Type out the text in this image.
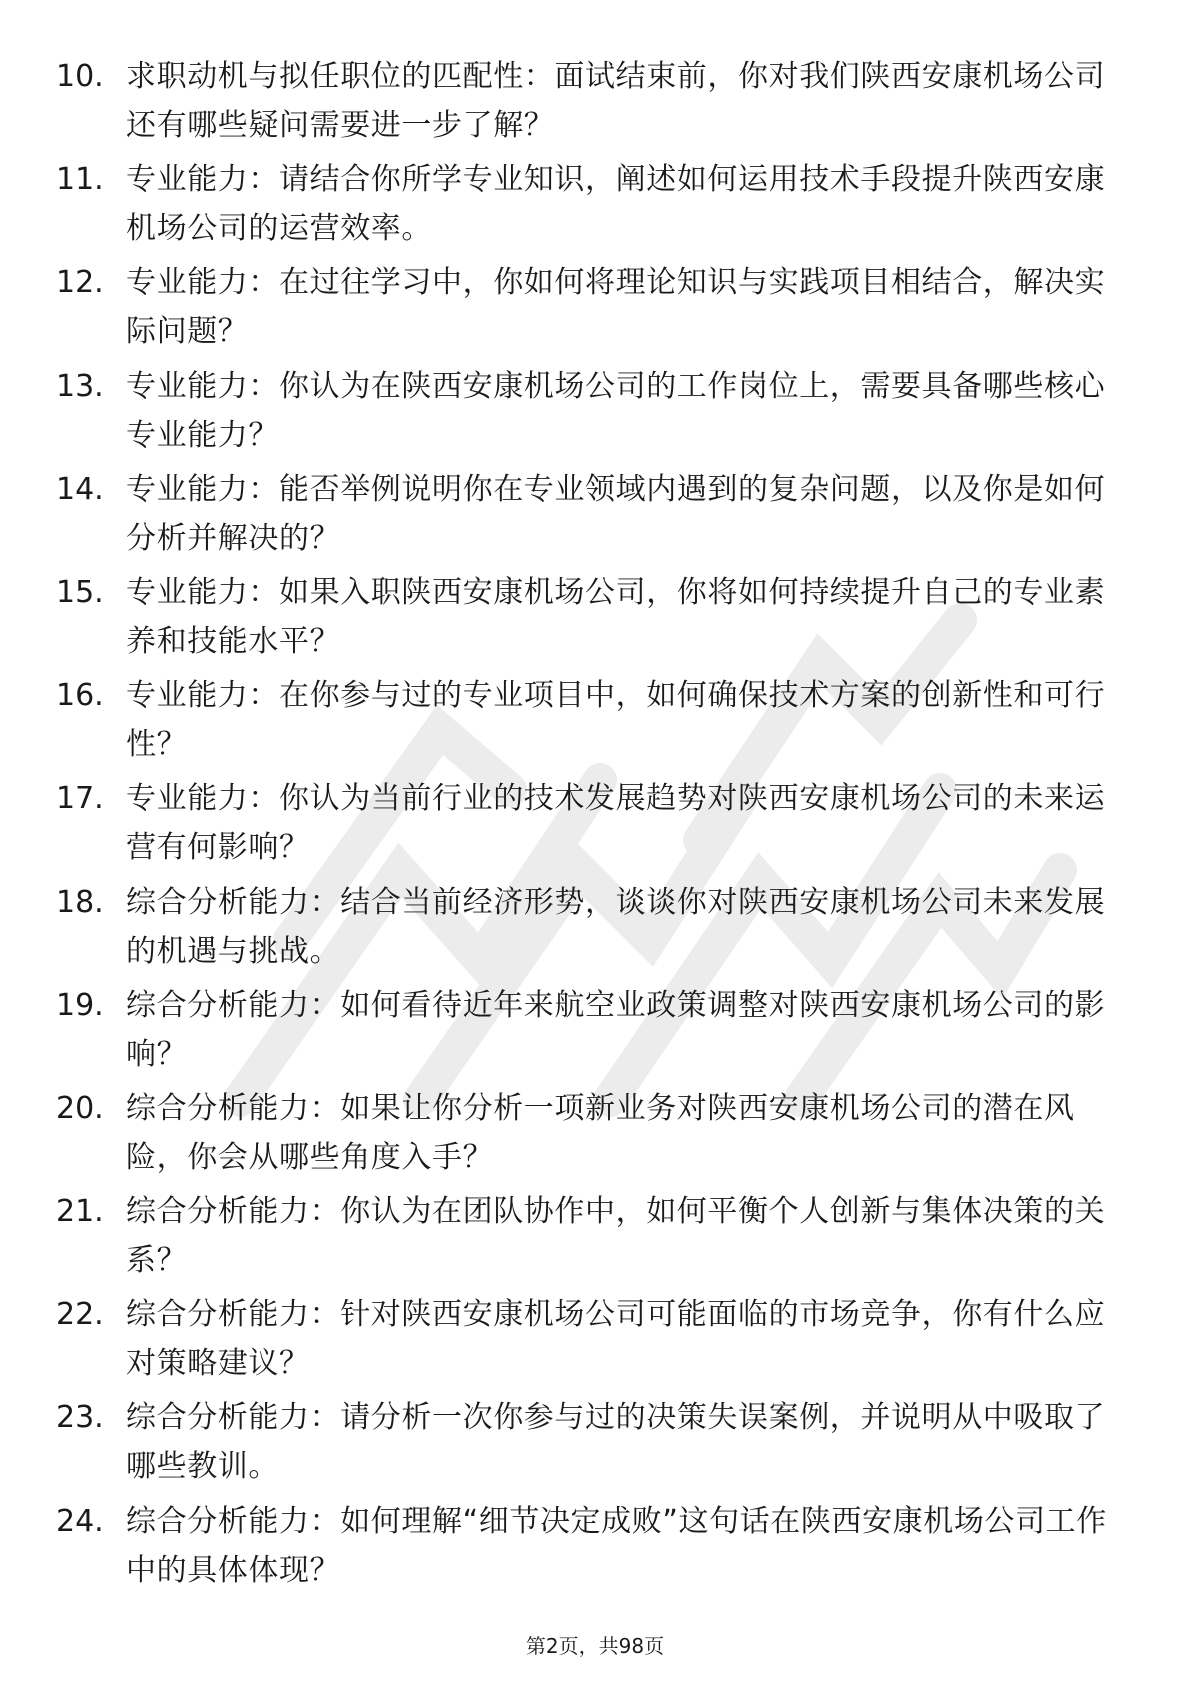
10. 求职动机与拟任职位的匹配性：面试结束前，你对我们陕西安康机场公司还有哪些疑问需要进一步了解？
11. 专业能力：请结合你所学专业知识，阐述如何运用技术手段提升陕西安康机场公司的运营效率。
12. 专业能力：在过往学习中，你如何将理论知识与实践项目相结合，解决实际问题？
13. 专业能力：你认为在陕西安康机场公司的工作岗位上，需要具备哪些核心专业能力？
14. 专业能力：能否举例说明你在专业领域内遇到的复杂问题，以及你是如何分析并解决的？
15. 专业能力：如果入职陕西安康机场公司，你将如何持续提升自己的专业素养和技能水平？
16. 专业能力：在你参与过的专业项目中，如何确保技术方案的创新性和可行性？
17. 专业能力：你认为当前行业的技术发展趋势对陕西安康机场公司的未来运营有何影响？
18. 综合分析能力：结合当前经济形势，谈谈你对陕西安康机场公司未来发展的机遇与挑战。
19. 综合分析能力：如何看待近年来航空业政策调整对陕西安康机场公司的影响？
20. 综合分析能力：如果让你分析一项新业务对陕西安康机场公司的潜在风险，你会从哪些角度入手？
21. 综合分析能力：你认为在团队协作中，如何平衡个人创新与集体决策的关系？
22. 综合分析能力：针对陕西安康机场公司可能面临的市场竞争，你有什么应对策略建议？
23. 综合分析能力：请分析一次你参与过的决策失误案例，并说明从中吸取了哪些教训。
24. 综合分析能力：如何理解“细节决定成败”这句话在陕西安康机场公司工作中的具体体现？
第2页，共98页
